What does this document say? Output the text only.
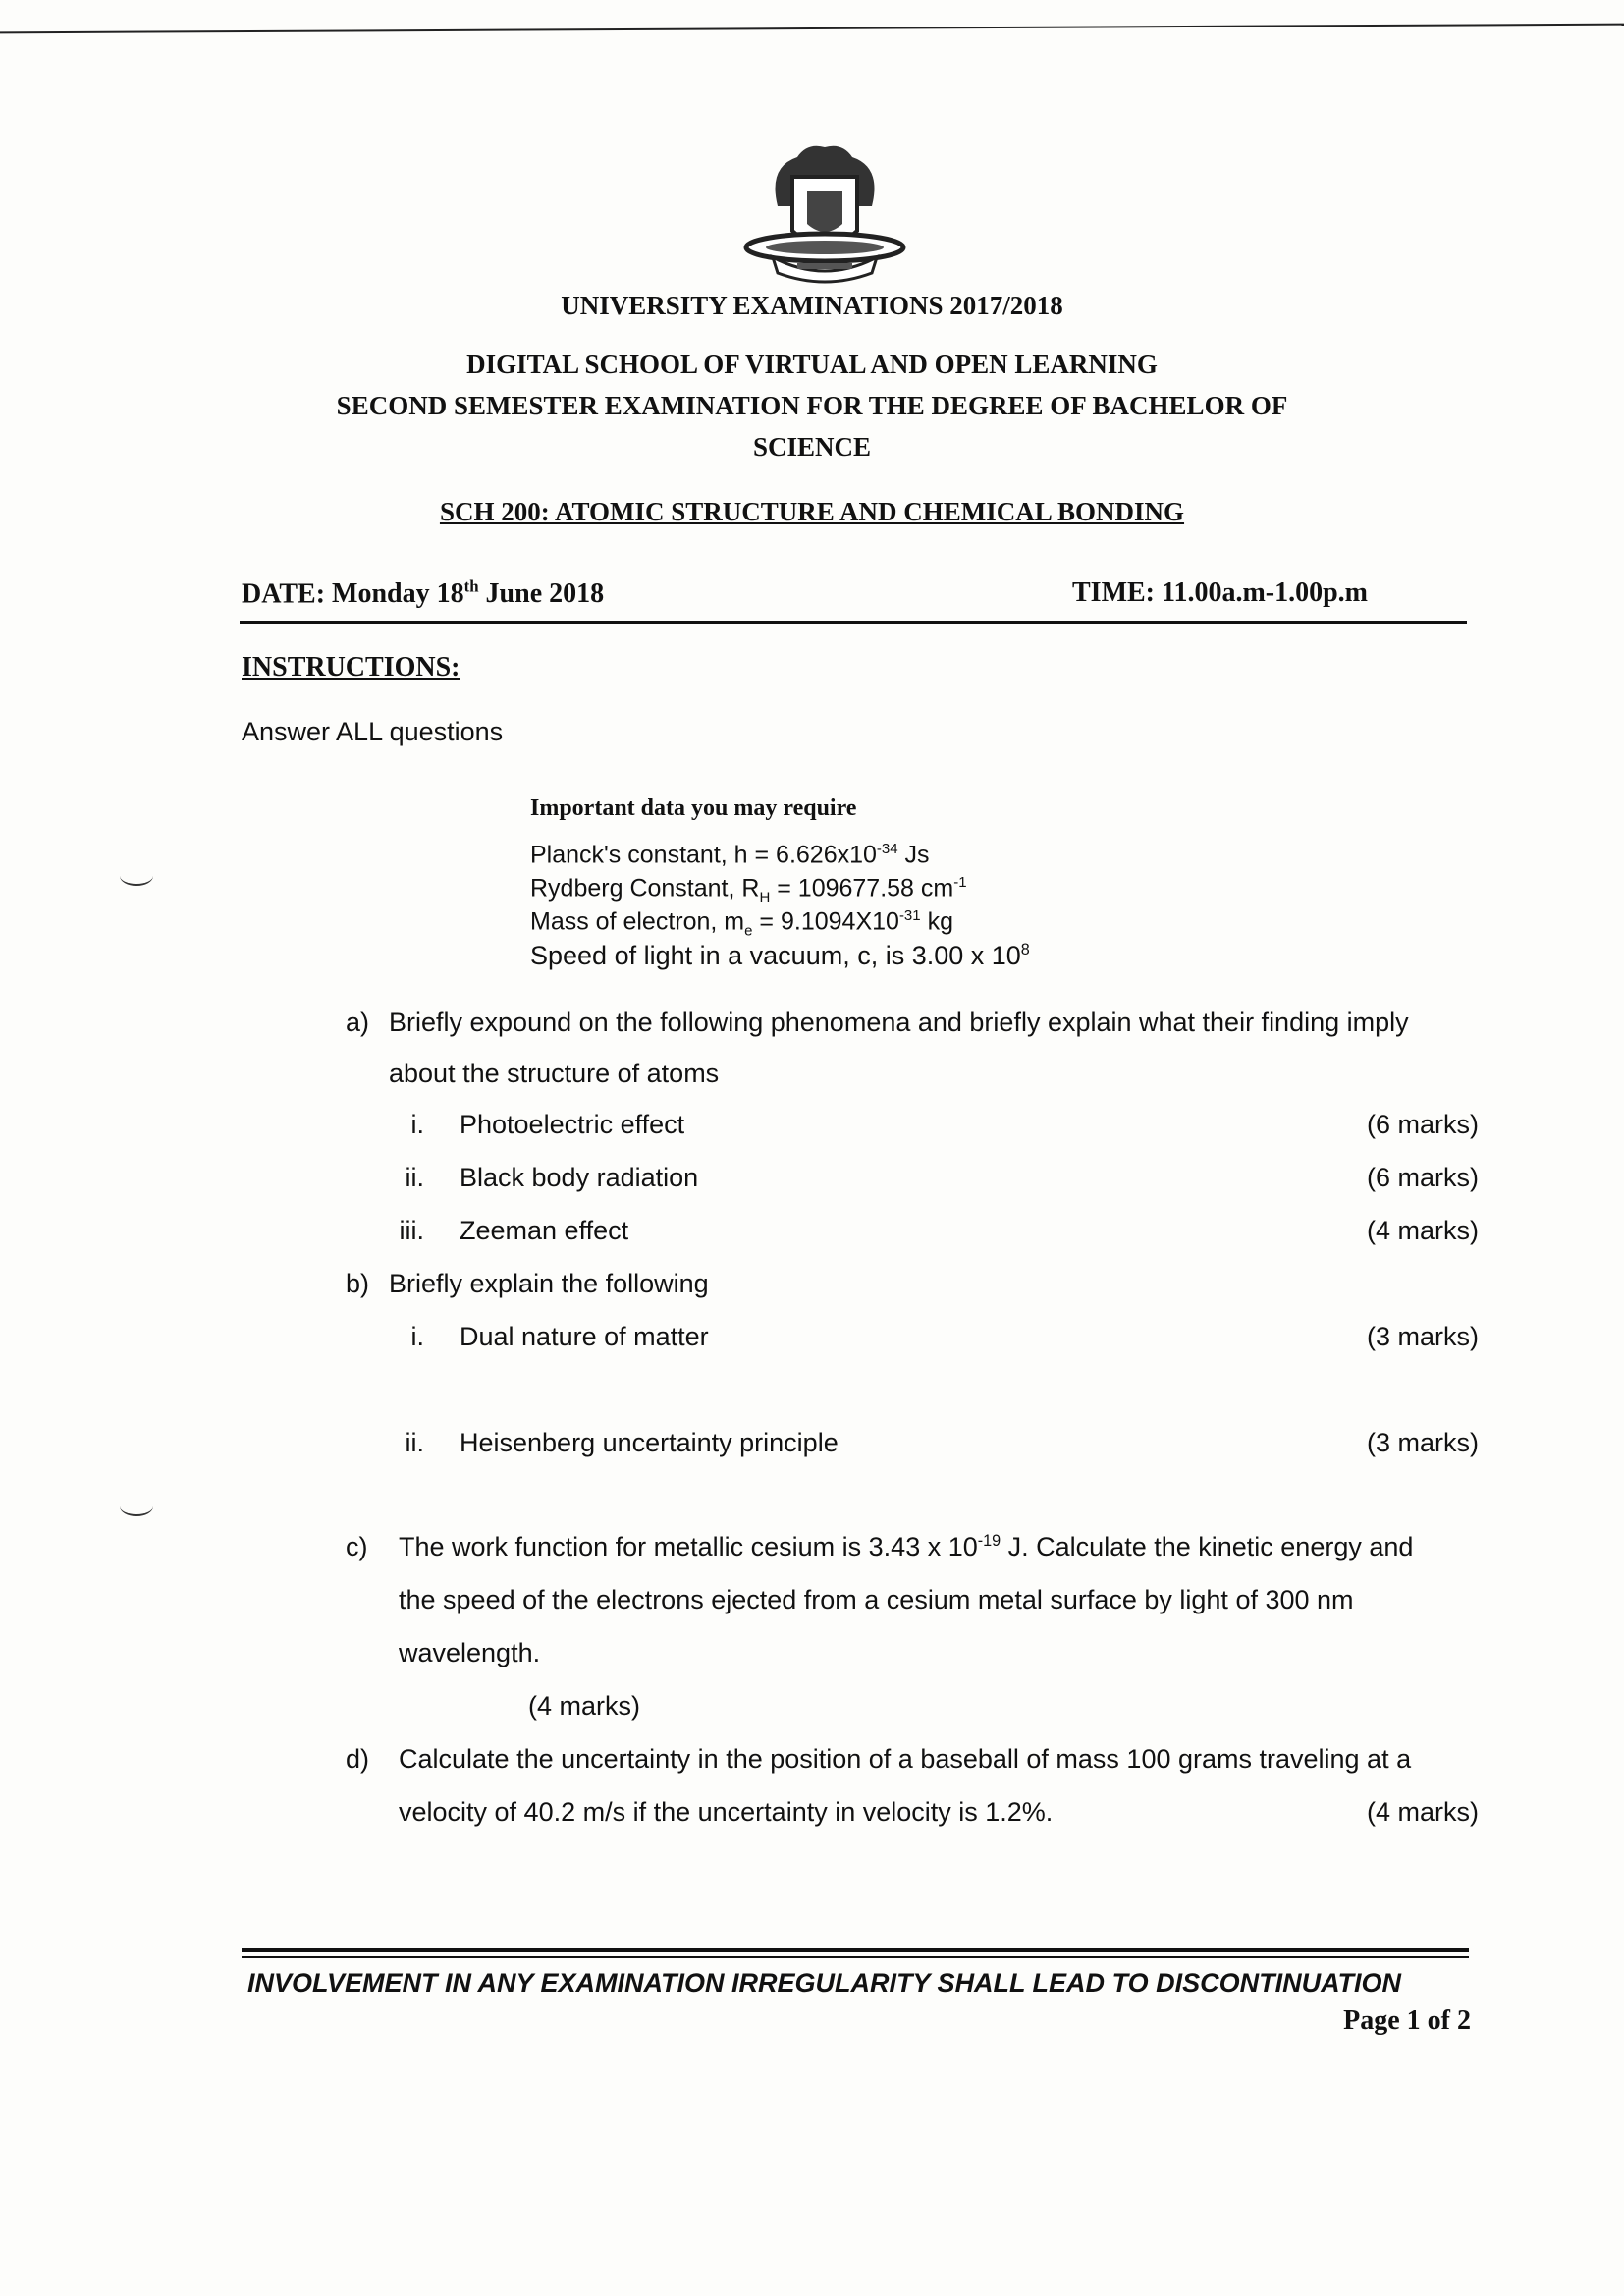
UNIVERSITY EXAMINATIONS 2017/2018
DIGITAL SCHOOL OF VIRTUAL AND OPEN LEARNING
SECOND SEMESTER EXAMINATION FOR THE DEGREE OF BACHELOR OF
SCIENCE
SCH 200: ATOMIC STRUCTURE AND CHEMICAL BONDING
DATE: Monday 18th June 2018	TIME: 11.00a.m-1.00p.m
INSTRUCTIONS:
Answer ALL questions
Important data you may require
Planck's constant, $h = 6.626x10^{-34}$ Js
Rydberg Constant, $R_H = 109677.58$ $cm^{-1}$
Mass of electron, $m_e = 9.1094X10^{-31}$ kg
Speed of light in a vacuum, c, is 3.00 x $10^8$
a) Briefly expound on the following phenomena and briefly explain what their finding imply
about the structure of atoms
i. Photoelectric effect	(6 marks)
ii. Black body radiation	(6 marks)
iii. Zeeman effect	(4 marks)
b) Briefly explain the following
i. Dual nature of matter	(3 marks)
ii. Heisenberg uncertainty principle	(3 marks)
c) The work function for metallic cesium is 3.43 x $10^{-19}$ J. Calculate the kinetic energy and
the speed of the electrons ejected from a cesium metal surface by light of 300 nm
wavelength.
(4 marks)
d) Calculate the uncertainty in the position of a baseball of mass 100 grams traveling at a
velocity of 40.2 m/s if the uncertainty in velocity is 1.2%.	(4 marks)
INVOLVEMENT IN ANY EXAMINATION IRREGULARITY SHALL LEAD TO DISCONTINUATION
Page 1 of 2
